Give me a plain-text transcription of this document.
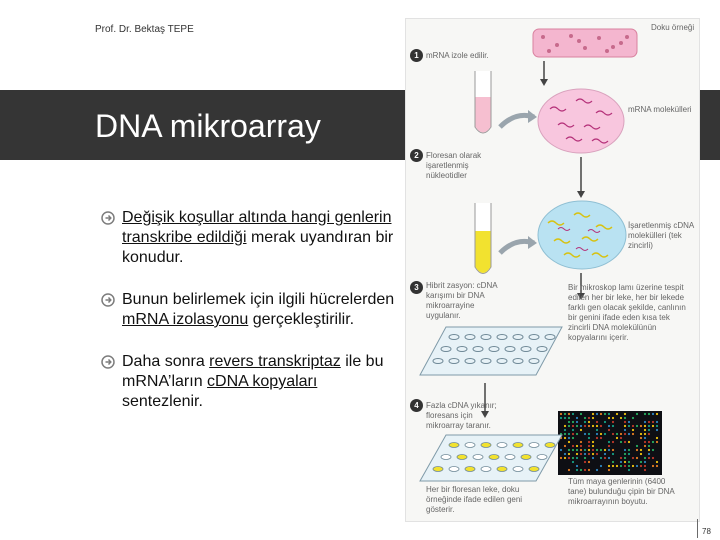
Prof. Dr. Bektaş TEPE
DNA mikroarray
Değişik koşullar altında hangi genlerin transkribe edildiği merak uyandıran bir konudur.
Bunun belirlemek için ilgili hücrelerden mRNA izolasyonu gerçekleştirilir.
Daha sonra revers transkriptaz ile bu mRNA’ların cDNA kopyaları sentezlenir.
Doku örneği
1 mRNA izole edilir.
mRNA molekülleri
2 Floresan olarak işaretlenmiş nükleotidler
İşaretlenmiş cDNA molekülleri (tek zincirli)
3 Hibrit zasyon: cDNA karışımı bir DNA mikroarrayine uygulanır.
Bir mikroskop lamı üzerine tespit edilen her bir leke, her bir lekede farklı gen olacak şekilde, canlının bir genini ifade eden kısa tek zincirli DNA molekülünün kopyalarını içerir.
4 Fazla cDNA yıkanır; floresans için mikroarray taranır.
Her bir floresan leke, doku örneğinde ifade edilen geni gösterir.
Tüm maya genlerinin (6400 tane) bulunduğu çipin bir DNA mikroarrayının boyutu.
78
